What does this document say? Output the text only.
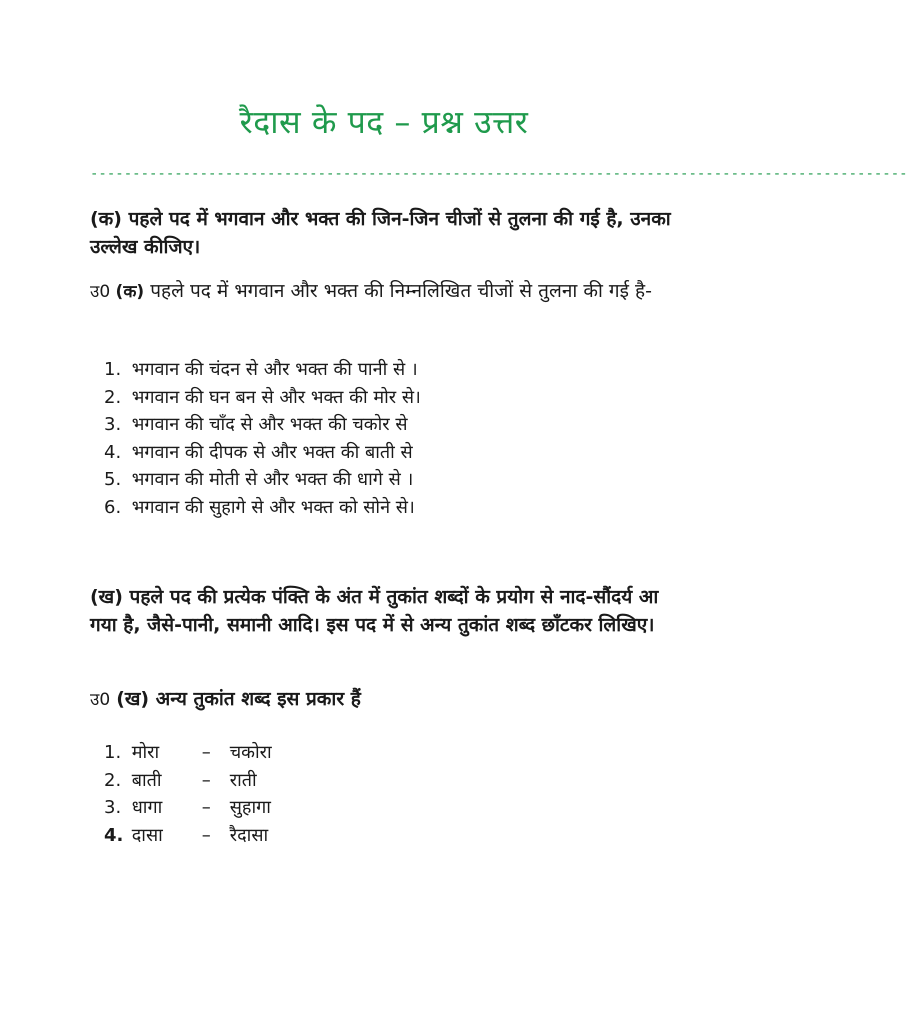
रैदास के पद – प्रश्न उत्तर
-------------------------------------------------------------------------------------------------
(क) पहले पद में भगवान और भक्त की जिन-जिन चीजों से तुलना की गई है, उनका उल्लेख कीजिए।
उ0 (क) पहले पद में भगवान और भक्त की निम्नलिखित चीजों से तुलना की गई है-
1. भगवान की चंदन से और भक्त की पानी से ।
2. भगवान की घन बन से और भक्त की मोर से।
3. भगवान की चाँद से और भक्त की चकोर से
4. भगवान की दीपक से और भक्त की बाती से
5. भगवान की मोती से और भक्त की धागे से ।
6. भगवान की सुहागे से और भक्त को सोने से।
(ख) पहले पद की प्रत्येक पंक्ति के अंत में तुकांत शब्दों के प्रयोग से नाद-सौंदर्य आ गया है, जैसे-पानी, समानी आदि। इस पद में से अन्य तुकांत शब्द छाँटकर लिखिए।
उ0 (ख) अन्य तुकांत शब्द इस प्रकार हैं
1. मोरा – चकोरा
2. बाती – राती
3. धागा – सुहागा
4. दासा – रैदासा
